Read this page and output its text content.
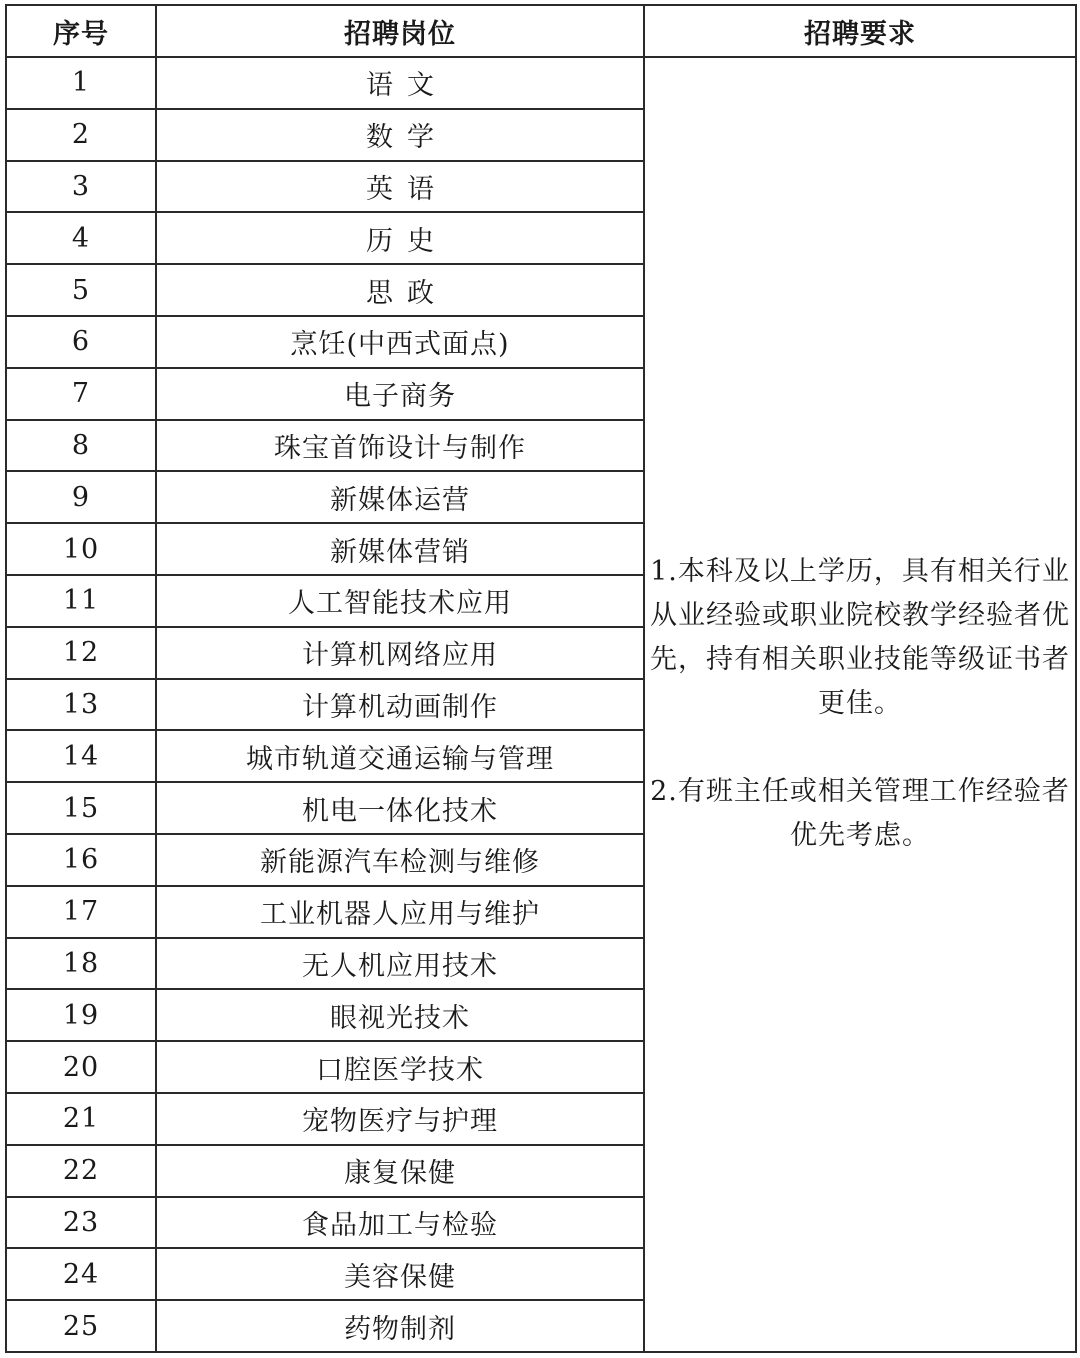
序号	招聘岗位	招聘要求
1	语文	1.本科及以上学历，具有相关行业从业经验或职业院校教学经验者优先，持有相关职业技能等级证书者更佳。
2.有班主任或相关管理工作经验者优先考虑。

2	数学	
3	英语	
4	历史	
5	思政	
6	烹饪(中西式面点)	
7	电子商务	
8	珠宝首饰设计与制作	
9	新媒体运营	
10	新媒体营销	
11	人工智能技术应用	
12	计算机网络应用	
13	计算机动画制作	
14	城市轨道交通运输与管理	
15	机电一体化技术	
16	新能源汽车检测与维修	
17	工业机器人应用与维护	
18	无人机应用技术	
19	眼视光技术	
20	口腔医学技术	
21	宠物医疗与护理	
22	康复保健	
23	食品加工与检验	
24	美容保健	
25	药物制剂	
